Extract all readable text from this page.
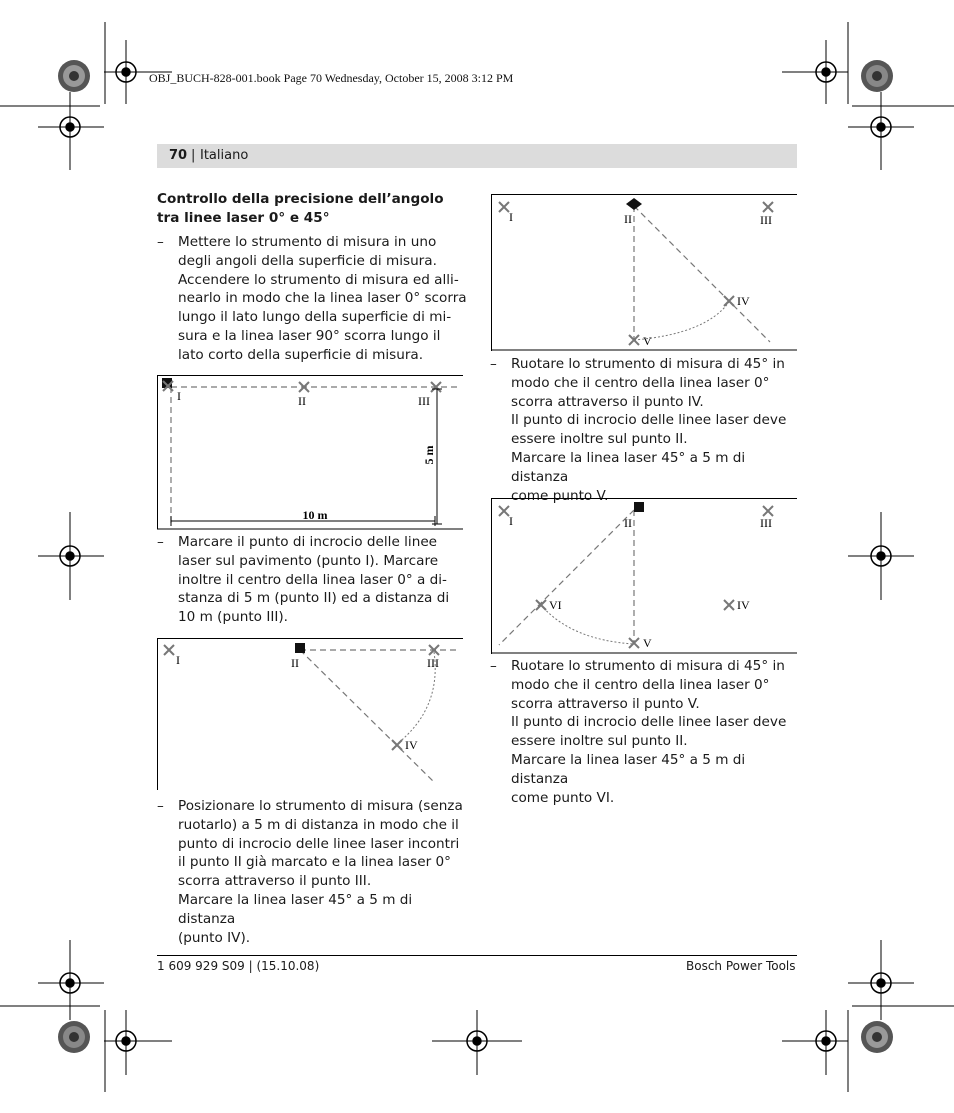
OBJ_BUCH-828-001.book Page 70 Wednesday, October 15, 2008 3:12 PM
70 | Italiano
Controllo della precisione dell’angolo tra linee laser 0° e 45°
– Mettere lo strumento di misura in uno
degli angoli della superficie di misura.
Accendere lo strumento di misura ed alli-
nearlo in modo che la linea laser 0° scorra
lungo il lato lungo della superficie di mi-
sura e la linea laser 90° scorra lungo il
lato corto della superficie di misura.
I	II	III
5 m
10 m
– Marcare il punto di incrocio delle linee
laser sul pavimento (punto I). Marcare
inoltre il centro della linea laser 0° a di-
stanza di 5 m (punto II) ed a distanza di
10 m (punto III).
I	II	III
IV
– Posizionare lo strumento di misura (senza
ruotarlo) a 5 m di distanza in modo che il
punto di incrocio delle linee laser incontri
il punto II già marcato e la linea laser 0°
scorra attraverso il punto III.
Marcare la linea laser 45° a 5 m di distanza
(punto IV).
I	II	III
IV
V
– Ruotare lo strumento di misura di 45° in
modo che il centro della linea laser 0°
scorra attraverso il punto IV.
Il punto di incrocio delle linee laser deve
essere inoltre sul punto II.
Marcare la linea laser 45° a 5 m di distanza
come punto V.
I	II	III
VI	IV
V
– Ruotare lo strumento di misura di 45° in
modo che il centro della linea laser 0°
scorra attraverso il punto V.
Il punto di incrocio delle linee laser deve
essere inoltre sul punto II.
Marcare la linea laser 45° a 5 m di distanza
come punto VI.
1 609 929 S09 | (15.10.08)	Bosch Power Tools
